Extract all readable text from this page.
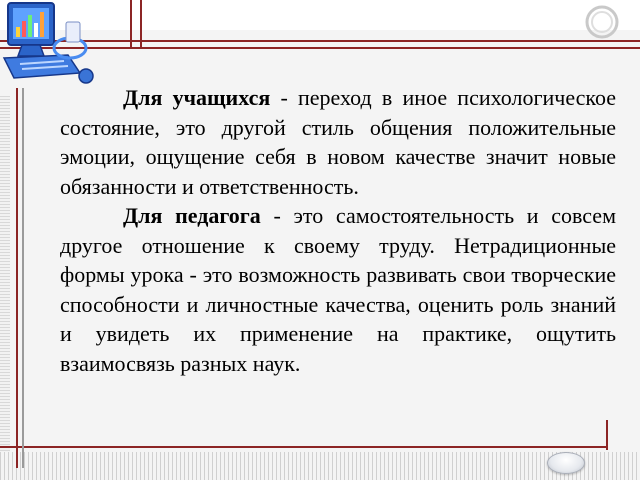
Для учащихся - переход в иное психологическое состояние, это другой стиль общения положительные эмоции, ощущение себя в новом качестве значит новые обязанности и ответственность.

Для педагога - это самостоятельность и совсем другое отношение к своему труду. Нетрадиционные формы урока - это возможность развивать свои творческие способности и личностные качества, оценить роль знаний и увидеть их применение на практике, ощутить взаимосвязь разных наук.
